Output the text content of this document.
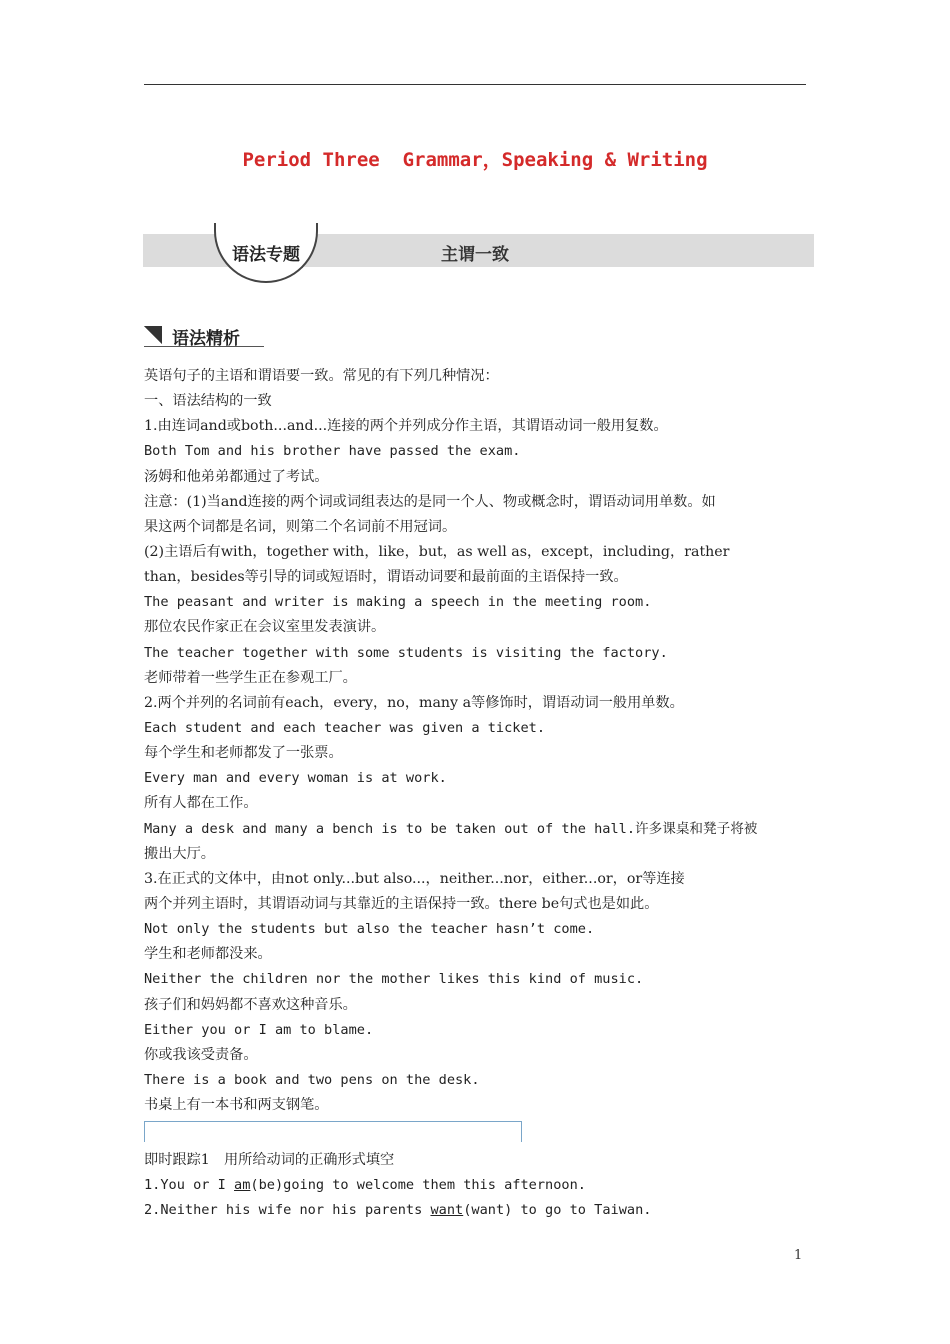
Period Three  Grammar，Speaking & Writing
语法专题	主谓一致
语法精析
英语句子的主语和谓语要一致。常见的有下列几种情况：
一、语法结构的一致
1.由连词and或both...and...连接的两个并列成分作主语，其谓语动词一般用复数。
Both Tom and his brother have passed the exam.
汤姆和他弟弟都通过了考试。
注意：(1)当and连接的两个词或词组表达的是同一个人、物或概念时，谓语动词用单数。如
果这两个词都是名词，则第二个名词前不用冠词。
(2)主语后有with，together with，like，but，as well as，except，including，rather
than，besides等引导的词或短语时，谓语动词要和最前面的主语保持一致。
The peasant and writer is making a speech in the meeting room.
那位农民作家正在会议室里发表演讲。
The teacher together with some students is visiting the factory.
老师带着一些学生正在参观工厂。
2.两个并列的名词前有each，every，no，many a等修饰时，谓语动词一般用单数。
Each student and each teacher was given a ticket.
每个学生和老师都发了一张票。
Every man and every woman is at work.
所有人都在工作。
Many a desk and many a bench is to be taken out of the hall.许多课桌和凳子将被
搬出大厅。
3.在正式的文体中，由not only...but also...，neither...nor，either...or，or等连接
两个并列主语时，其谓语动词与其靠近的主语保持一致。there be句式也是如此。
Not only the students but also the teacher hasn’t come.
学生和老师都没来。
Neither the children nor the mother likes this kind of music.
孩子们和妈妈都不喜欢这种音乐。
Either you or I am to blame.
你或我该受责备。
There is a book and two pens on the desk.
书桌上有一本书和两支钢笔。
即时跟踪1　用所给动词的正确形式填空
1.You or I am(be)going to welcome them this afternoon.
2.Neither his wife nor his parents want(want) to go to Taiwan.
1
